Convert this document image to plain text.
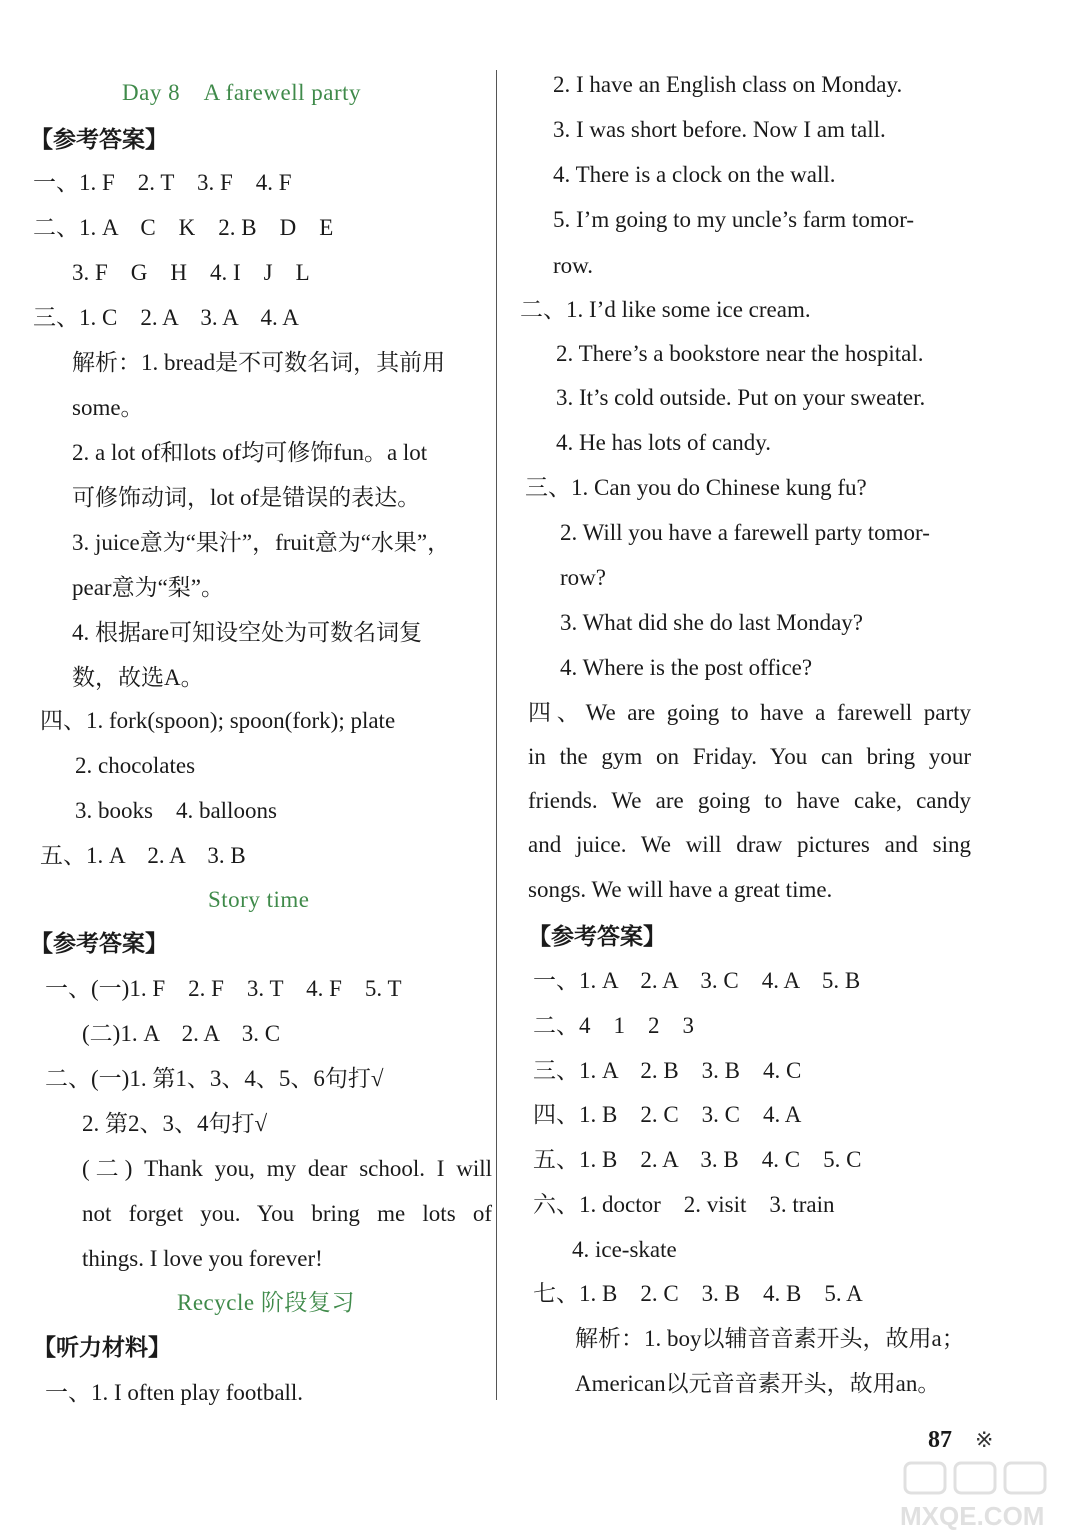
Day 8　A farewell party
【参考答案】
一、1. F　2. T　3. F　4. F
二、1. A　C　K　2. B　D　E
3. F　G　H　4. I　J　L
三、1. C　2. A　3. A　4. A
解析：1. bread是不可数名词，其前用
some。
2. a lot of和lots of均可修饰fun。a lot
可修饰动词，lot of是错误的表达。
3. juice意为“果汁”，fruit意为“水果”，
pear意为“梨”。
4. 根据are可知设空处为可数名词复
数，故选A。
四、1. fork(spoon); spoon(fork); plate
2. chocolates
3. books　4. balloons
五、1. A　2. A　3. B
Story time
【参考答案】
一、(一)1. F　2. F　3. T　4. F　5. T
(二)1. A　2. A　3. C
二、(一)1. 第1、3、4、5、6句打√
2. 第2、3、4句打√
(二) Thank you, my dear school. I will
not forget you. You bring me lots of
things. I love you forever!
Recycle 阶段复习
【听力材料】
一、1. I often play football.
2. I have an English class on Monday.
3. I was short before. Now I am tall.
4. There is a clock on the wall.
5. I’m going to my uncle’s farm tomor-
row.
二、1. I’d like some ice cream.
2. There’s a bookstore near the hospital.
3. It’s cold outside. Put on your sweater.
4. He has lots of candy.
三、1. Can you do Chinese kung fu?
2. Will you have a farewell party tomor-
row?
3. What did she do last Monday?
4. Where is the post office?
四、We are going to have a farewell party
in the gym on Friday. You can bring your
friends. We are going to have cake, candy
and juice. We will draw pictures and sing
songs. We will have a great time.
【参考答案】
一、1. A　2. A　3. C　4. A　5. B
二、4　1　2　3
三、1. A　2. B　3. B　4. C
四、1. B　2. C　3. C　4. A
五、1. B　2. A　3. B　4. C　5. C
六、1. doctor　2. visit　3. train
4. ice-skate
七、1. B　2. C　3. B　4. B　5. A
解析：1. boy以辅音音素开头，故用a；
American以元音音素开头，故用an。
87 ※
MXQE.COM
